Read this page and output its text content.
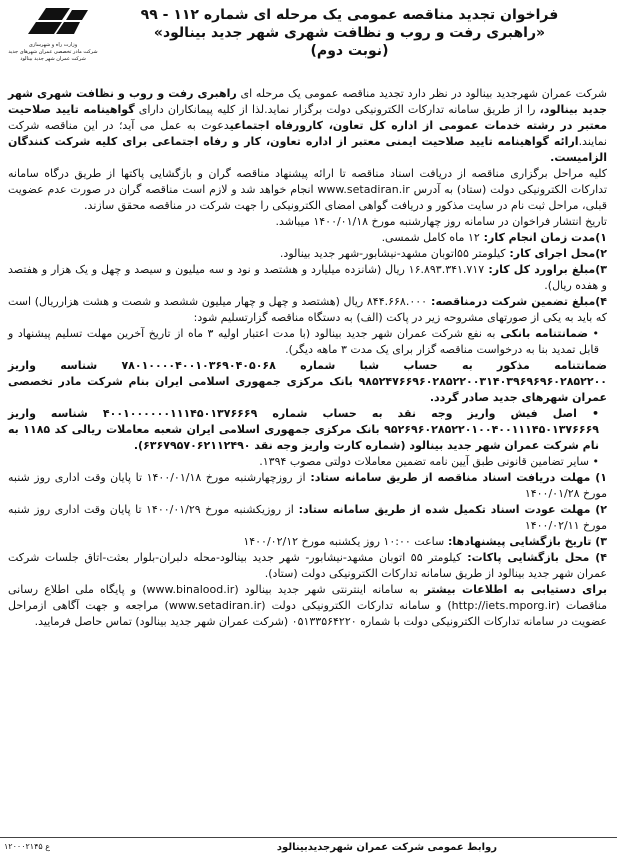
فراخوان تجدید مناقصه عمومی یک مرحله ای شماره ۱۱۲ - ۹۹
«راهبری رفت و روب و نظافت شهری شهر جدید بینالود»
(نوبت دوم)
وزارت راه و شهرسازی
شرکت مادر تخصصی عمران شهرهای جدید
شرکت عمران شهر جدید بینالود

شرکت عمران شهرجدید بینالود در نظر دارد تجدید مناقصه عمومی یک مرحله ای راهبری رفت و روب و نظافت شهری شهر جدید بینالود، را از طریق سامانه تدارکات الکترونیکی دولت برگزار نماید.لذا از کلیه پیمانکاران دارای گواهینامه تایید صلاحیت معتبر در رشته خدمات عمومی از اداره کل تعاون، کارورفاه اجتماعیدعوت به عمل می آید؛ در این مناقصه شرکت نمایند.ارائه گواهینامه تایید صلاحیت ایمنی معتبر از اداره تعاون، کار و رفاه اجتماعی برای کلیه شرکت کنندگان الزامیست.

کلیه مراحل برگزاری مناقصه از دریافت اسناد مناقصه تا ارائه پیشنهاد مناقصه گران و بازگشایی پاکتها از طریق درگاه سامانه تدارکات الکترونیکی دولت (ستاد) به آدرس www.setadiran.ir انجام خواهد شد و لازم است مناقصه گران در صورت عدم عضویت قبلی، مراحل ثبت نام در سایت مذکور و دریافت گواهی امضای الکترونیکی را جهت شرکت در مناقصه محقق سازند.

تاریخ انتشار فراخوان در سامانه روز چهارشنبه مورخ ۱۴۰۰/۰۱/۱۸ میباشد.

۱)مدت زمان انجام کار: ۱۲ ماه کامل شمسی.

۲)محل اجرای کار: کیلومتر ۵۵اتوبان مشهد-نیشابور-شهر جدید بینالود.

۳)مبلغ براورد کل کار: ۱۶.۸۹۳.۳۴۱.۷۱۷ ریال (شانزده میلیارد و هشتصد و نود و سه میلیون و سیصد و چهل و یک هزار و هفتصد و هفده ریال).

۴)مبلغ تضمین شرکت درمناقصه: ۸۴۴.۶۶۸.۰۰۰ ریال (هشتصد و چهل و چهار میلیون ششصد و شصت و هشت هزارریال) است که باید به یکی از صورتهای مشروحه زیر در پاکت (الف) به دستگاه مناقصه گزارتسلیم شود:

• ضمانتنامه بانکی به نفع شرکت عمران شهر جدید بینالود (با مدت اعتبار اولیه ۳ ماه از تاریخ آخرین مهلت تسلیم پیشنهاد و قابل تمدید بنا به درخواست مناقصه گزار برای یک مدت ۳ ماهه دیگر).

ضمانتنامه مذکور به حساب شبا شماره ۷۸۰۱۰۰۰۰۴۰۰۱۰۳۶۹۰۴۰۵۰۶۸ شناسه واریز ۹۸۵۲۴۷۶۶۹۶۰۲۸۵۲۲۰۰۳۱۴۰۳۹۶۹۶۹۶۰۲۸۵۲۲۰۰ بانک مرکزی جمهوری اسلامی ایران بنام شرکت مادر تخصصی عمران شهرهای جدید صادر گردد.

• اصل فیش واریز وجه نقد به حساب شماره ۴۰۰۱۰۰۰۰۰۰۱۱۱۴۵۰۱۳۷۶۶۶۹ شناسه واریز ۹۵۲۶۹۶۰۲۸۵۲۲۰۱۰۰۴۰۰۱۱۱۴۵۰۱۳۷۶۶۶۹ بانک مرکزی جمهوری اسلامی ایران شعبه معاملات ریالی کد ۱۱۸۵ به نام شرکت عمران شهر جدید بینالود (شماره کارت واریز وجه نقد ۶۳۶۷۹۵۷۰۶۲۱۱۲۴۹۰).

• سایر تضامین قانونی طبق آیین نامه تضمین معاملات دولتی مصوب ۱۳۹۴.

۱) مهلت دریافت اسناد مناقصه از طریق سامانه ستاد: از روزچهارشنبه مورخ ۱۴۰۰/۰۱/۱۸ تا پایان وقت اداری روز شنبه مورخ ۱۴۰۰/۰۱/۲۸

۲) مهلت عودت اسناد تکمیل شده از طریق سامانه ستاد: از روزیکشنبه مورخ ۱۴۰۰/۰۱/۲۹ تا پایان وقت اداری روز شنبه مورخ ۱۴۰۰/۰۲/۱۱

۳) تاریخ بازگشایی پیشنهادها: ساعت ۱۰:۰۰ روز یکشنبه مورخ ۱۴۰۰/۰۲/۱۲

۴) محل بازگشایی پاکات: کیلومتر ۵۵ اتوبان مشهد-نیشابور- شهر جدید بینالود-محله دلبران-بلوار بعثت-اتاق جلسات شرکت عمران شهر جدید بینالود از طریق سامانه تدارکات الکترونیکی دولت (ستاد).

برای دستیابی به اطلاعات بیشتر به سامانه اینترنتی شهر جدید بینالود (www.binalood.ir) و پایگاه ملی اطلاع رسانی مناقصات (http://iets.mporg.ir) و سامانه تدارکات الکترونیکی دولت (www.setadiran.ir) مراجعه و جهت آگاهی ازمراحل عضویت در سامانه تدارکات الکترونیکی دولت با شماره ۰۵۱۳۳۵۶۴۲۲۰ (شرکت عمران شهر جدید بینالود) تماس حاصل فرمایید.

روابط عمومی شرکت عمران شهرجدیدبینالود
ع ۱۲۰۰۰۲۱۴۵
